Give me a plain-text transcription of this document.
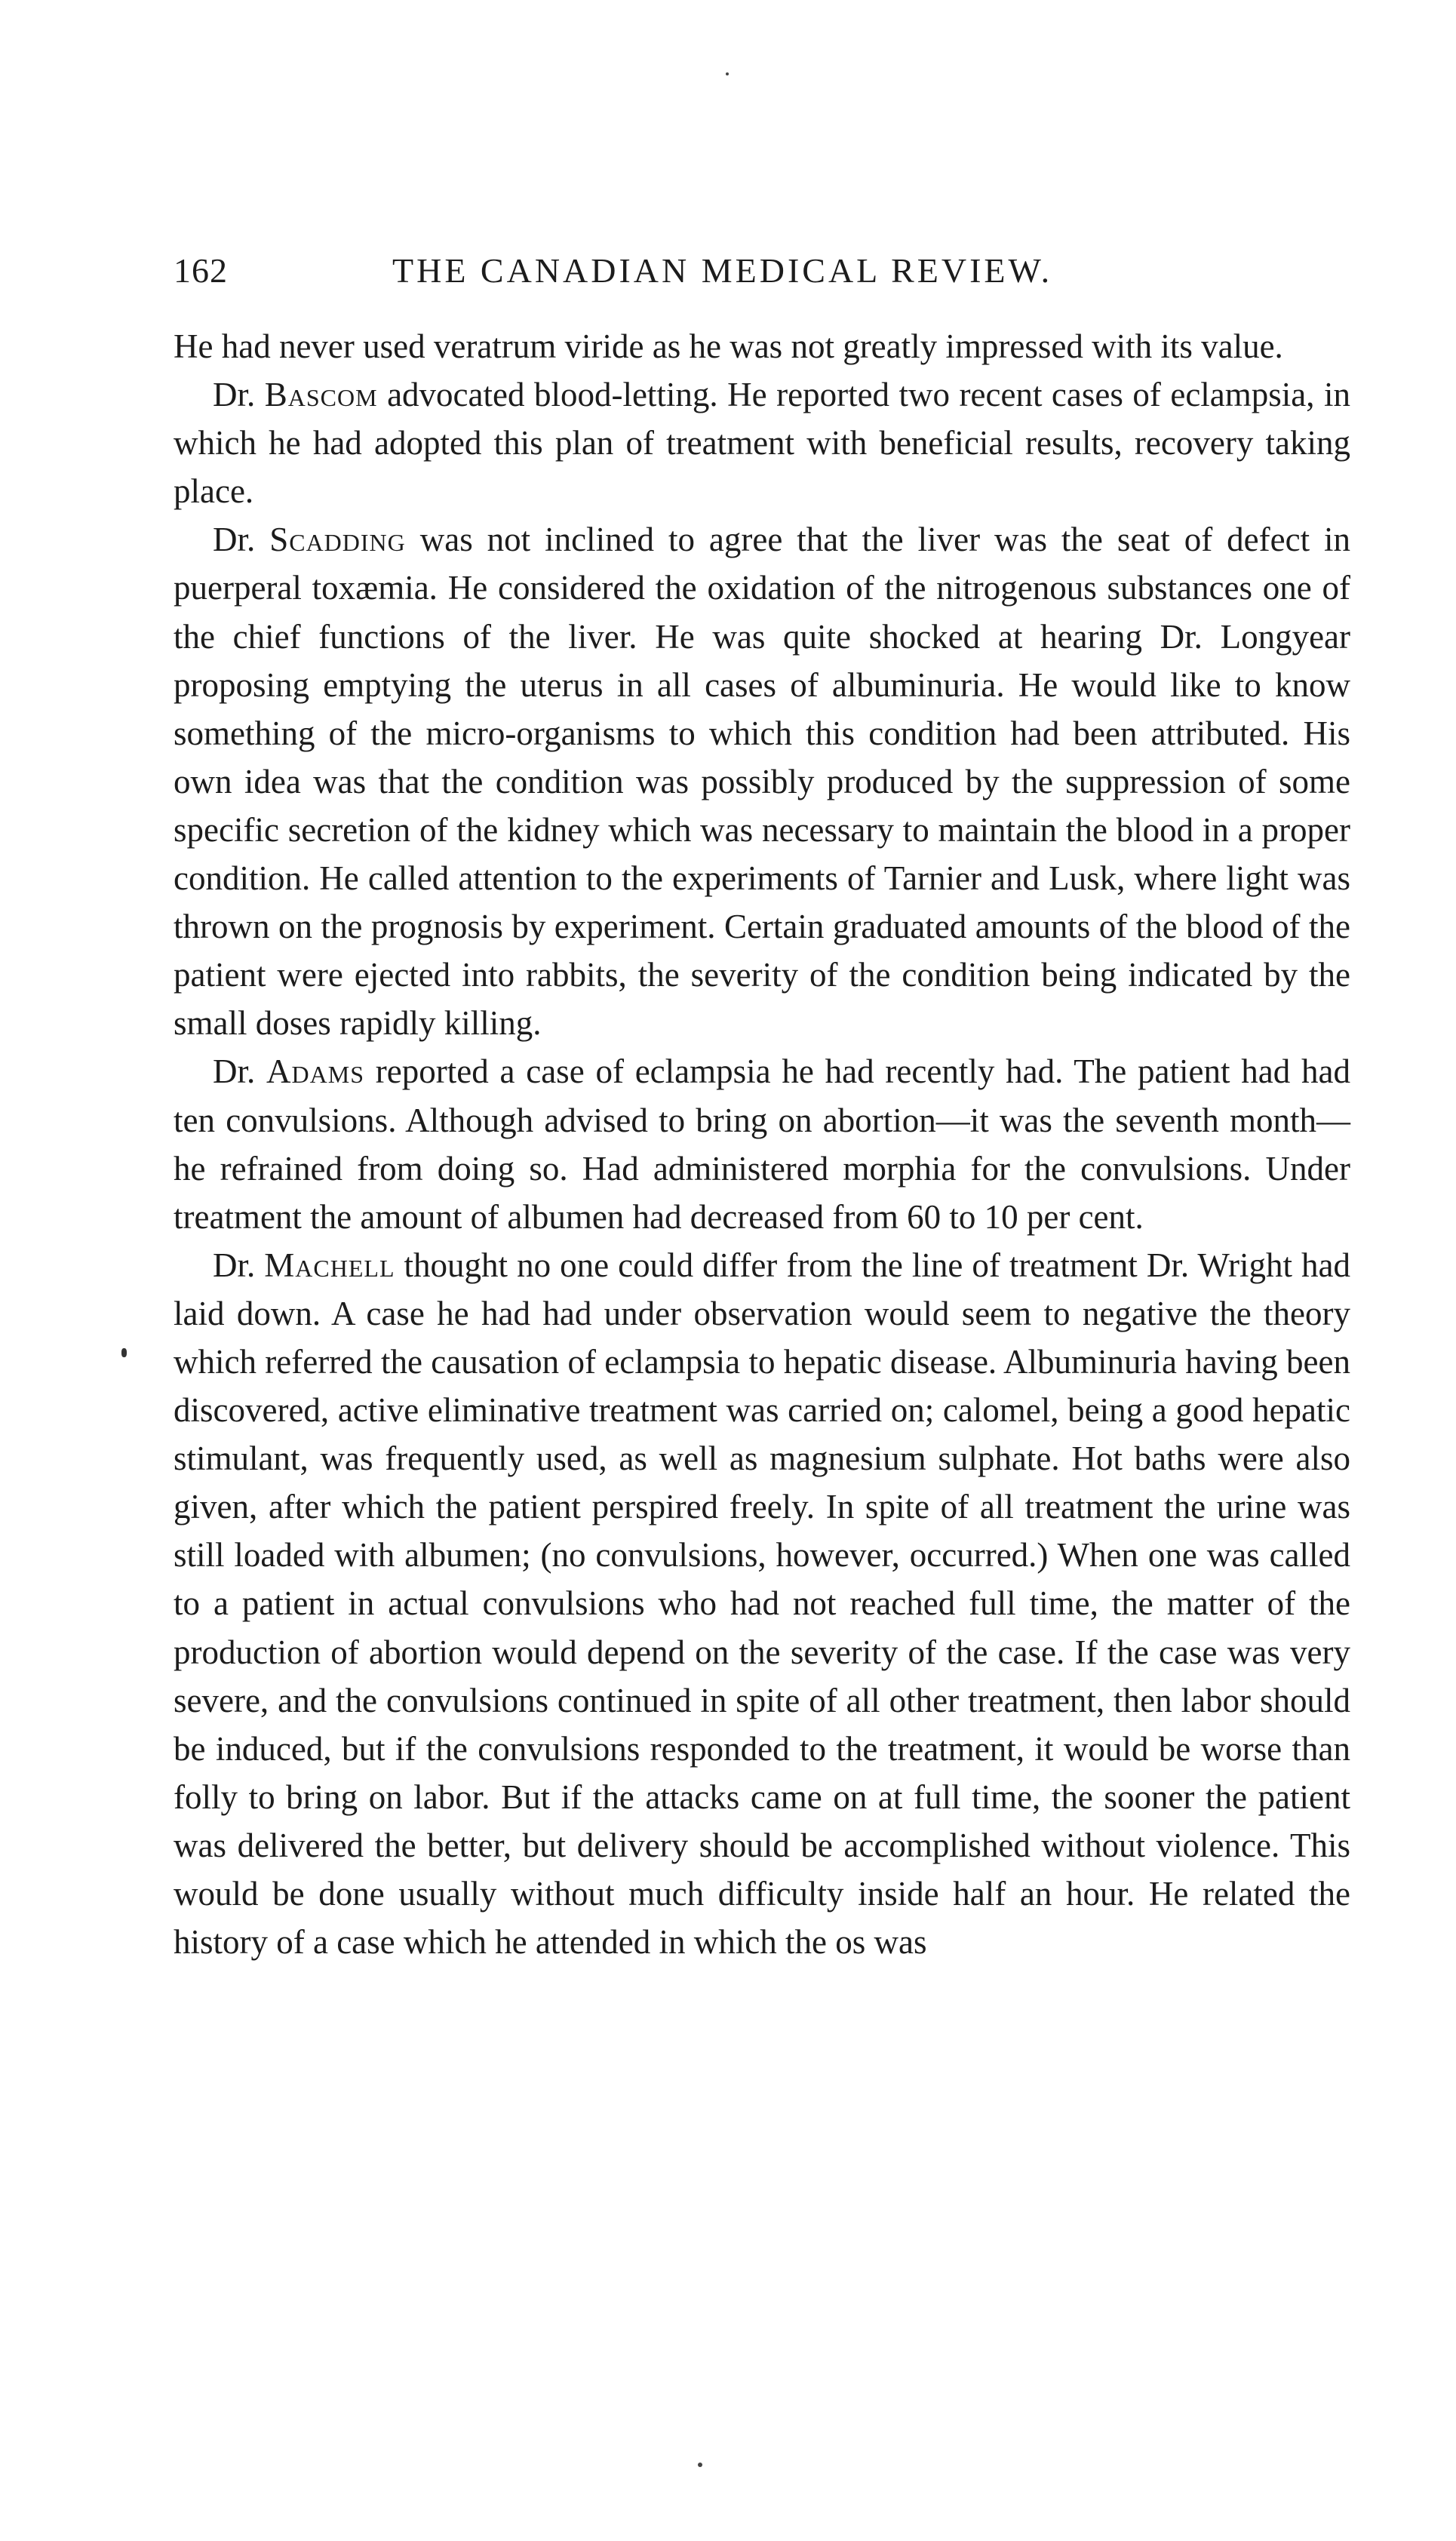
162	THE CANADIAN MEDICAL REVIEW.

He had never used veratrum viride as he was not greatly impressed with its value.

Dr. Bascom advocated blood-letting. He reported two recent cases of eclampsia, in which he had adopted this plan of treatment with beneficial results, recovery taking place.

Dr. Scadding was not inclined to agree that the liver was the seat of defect in puerperal toxæmia. He considered the oxidation of the nitrogenous substances one of the chief functions of the liver. He was quite shocked at hearing Dr. Longyear proposing emptying the uterus in all cases of albuminuria. He would like to know something of the micro-organisms to which this condition had been attributed. His own idea was that the condition was possibly produced by the suppression of some specific secretion of the kidney which was necessary to maintain the blood in a proper condition. He called attention to the experiments of Tarnier and Lusk, where light was thrown on the prognosis by experiment. Certain graduated amounts of the blood of the patient were ejected into rabbits, the severity of the condition being indicated by the small doses rapidly killing.

Dr. Adams reported a case of eclampsia he had recently had. The patient had had ten convulsions. Although advised to bring on abortion—it was the seventh month—he refrained from doing so. Had administered morphia for the convulsions. Under treatment the amount of albumen had decreased from 60 to 10 per cent.

Dr. Machell thought no one could differ from the line of treatment Dr. Wright had laid down. A case he had had under observation would seem to negative the theory which referred the causation of eclampsia to hepatic disease. Albuminuria having been discovered, active eliminative treatment was carried on; calomel, being a good hepatic stimulant, was frequently used, as well as magnesium sulphate. Hot baths were also given, after which the patient perspired freely. In spite of all treatment the urine was still loaded with albumen; (no convulsions, however, occurred.) When one was called to a patient in actual convulsions who had not reached full time, the matter of the production of abortion would depend on the severity of the case. If the case was very severe, and the convulsions continued in spite of all other treatment, then labor should be induced, but if the convulsions responded to the treatment, it would be worse than folly to bring on labor. But if the attacks came on at full time, the sooner the patient was delivered the better, but delivery should be accomplished without violence. This would be done usually without much difficulty inside half an hour. He related the history of a case which he attended in which the os was
